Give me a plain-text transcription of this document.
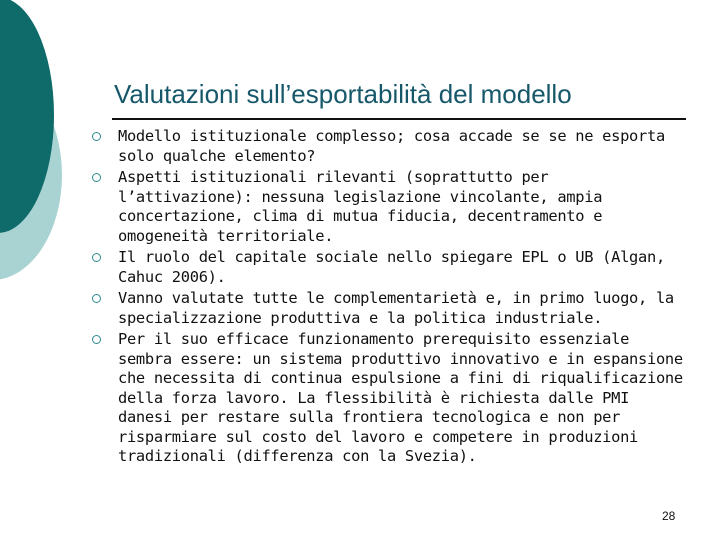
Valutazioni sull’esportabilità del modello
Modello istituzionale complesso; cosa accade se se ne esporta solo qualche elemento?
Aspetti istituzionali rilevanti (soprattutto per l’attivazione): nessuna legislazione vincolante, ampia concertazione, clima di mutua fiducia, decentramento e omogeneità territoriale.
Il ruolo del capitale sociale nello spiegare EPL o UB (Algan, Cahuc 2006).
Vanno valutate tutte le complementarietà e, in primo luogo, la specializzazione produttiva e la politica industriale.
Per il suo efficace funzionamento prerequisito essenziale sembra essere: un sistema produttivo innovativo e in espansione che necessita di continua espulsione a fini di riqualificazione della forza lavoro. La flessibilità è richiesta dalle PMI danesi per restare sulla frontiera tecnologica e non per risparmiare sul costo del lavoro e competere in produzioni tradizionali (differenza con la Svezia).
28
